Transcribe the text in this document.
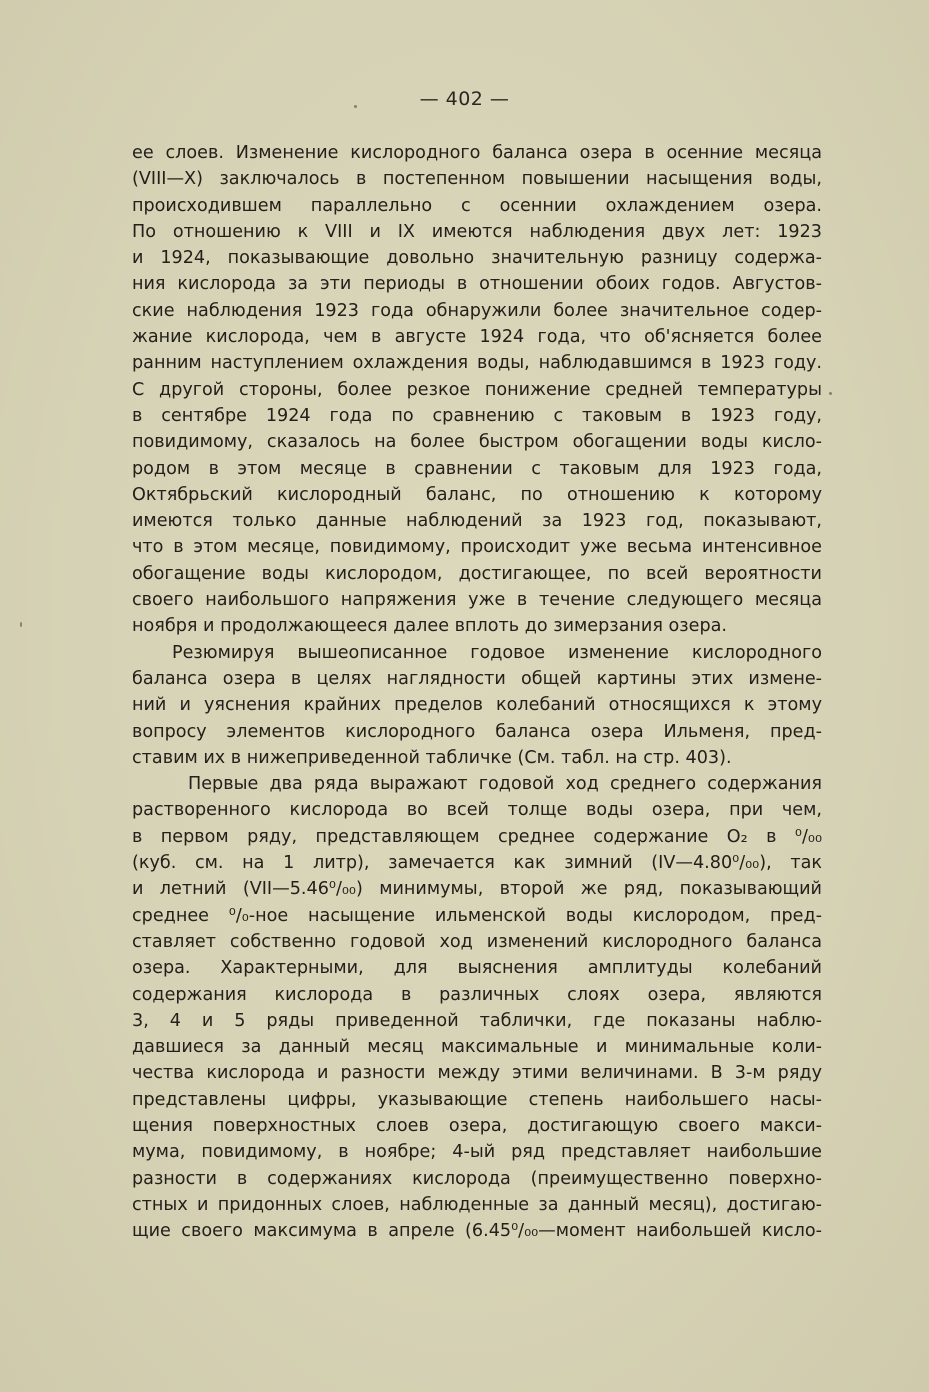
— 402 —
ее слоев. Изменение кислородного баланса озера в осенние месяца
(VIII—X) заключалось в постепенном повышении насыщения воды,
происходившем параллельно с осеннии охлаждением озера.
По отношению к VIII и IX имеются наблюдения двух лет: 1923
и 1924, показывающие довольно значительную разницу содержа-
ния кислорода за эти периоды в отношении обоих годов. Августов-
ские наблюдения 1923 года обнаружили более значительное содер-
жание кислорода, чем в августе 1924 года, что об'ясняется более
ранним наступлением охлаждения воды, наблюдавшимся в 1923 году.
С другой стороны, более резкое понижение средней температуры
в сентябре 1924 года по сравнению с таковым в 1923 году,
повидимому, сказалось на более быстром обогащении воды кисло-
родом в этом месяце в сравнении с таковым для 1923 года,
Октябрьский кислородный баланс, по отношению к которому
имеются только данные наблюдений за 1923 год, показывают,
что в этом месяце, повидимому, происходит уже весьма интенсивное
обогащение воды кислородом, достигающее, по всей вероятности
своего наибольшого напряжения уже в течение следующего месяца
ноября и продолжающееся далее вплоть до зимерзания озера.
Резюмируя вышеописанное годовое изменение кислородного
баланса озера в целях наглядности общей картины этих измене-
ний и уяснения крайних пределов колебаний относящихся к этому
вопросу элементов кислородного баланса озера Ильменя, пред-
ставим их в нижеприведенной табличке (См. табл. на стр. 403).
Первые два ряда выражают годовой ход среднего содержания
растворенного кислорода во всей толще воды озера, при чем,
в первом ряду, представляющем среднее содержание O₂ в ⁰/₀₀
(куб. см. на 1 литр), замечается как зимний (IV—4.80⁰/₀₀), так
и летний (VII—5.46⁰/₀₀) минимумы, второй же ряд, показывающий
среднее ⁰/₀-ное насыщение ильменской воды кислородом, пред-
ставляет собственно годовой ход изменений кислородного баланса
озера. Характерными, для выяснения амплитуды колебаний
содержания кислорода в различных слоях озера, являются
3, 4 и 5 ряды приведенной таблички, где показаны наблю-
давшиеся за данный месяц максимальные и минимальные коли-
чества кислорода и разности между этими величинами. В 3-м ряду
представлены цифры, указывающие степень наибольшего насы-
щения поверхностных слоев озера, достигающую своего макси-
мума, повидимому, в ноябре; 4-ый ряд представляет наибольшие
разности в содержаниях кислорода (преимущественно поверхно-
стных и придонных слоев, наблюденные за данный месяц), достигаю-
щие своего максимума в апреле (6.45⁰/₀₀—момент наибольшей кисло-
